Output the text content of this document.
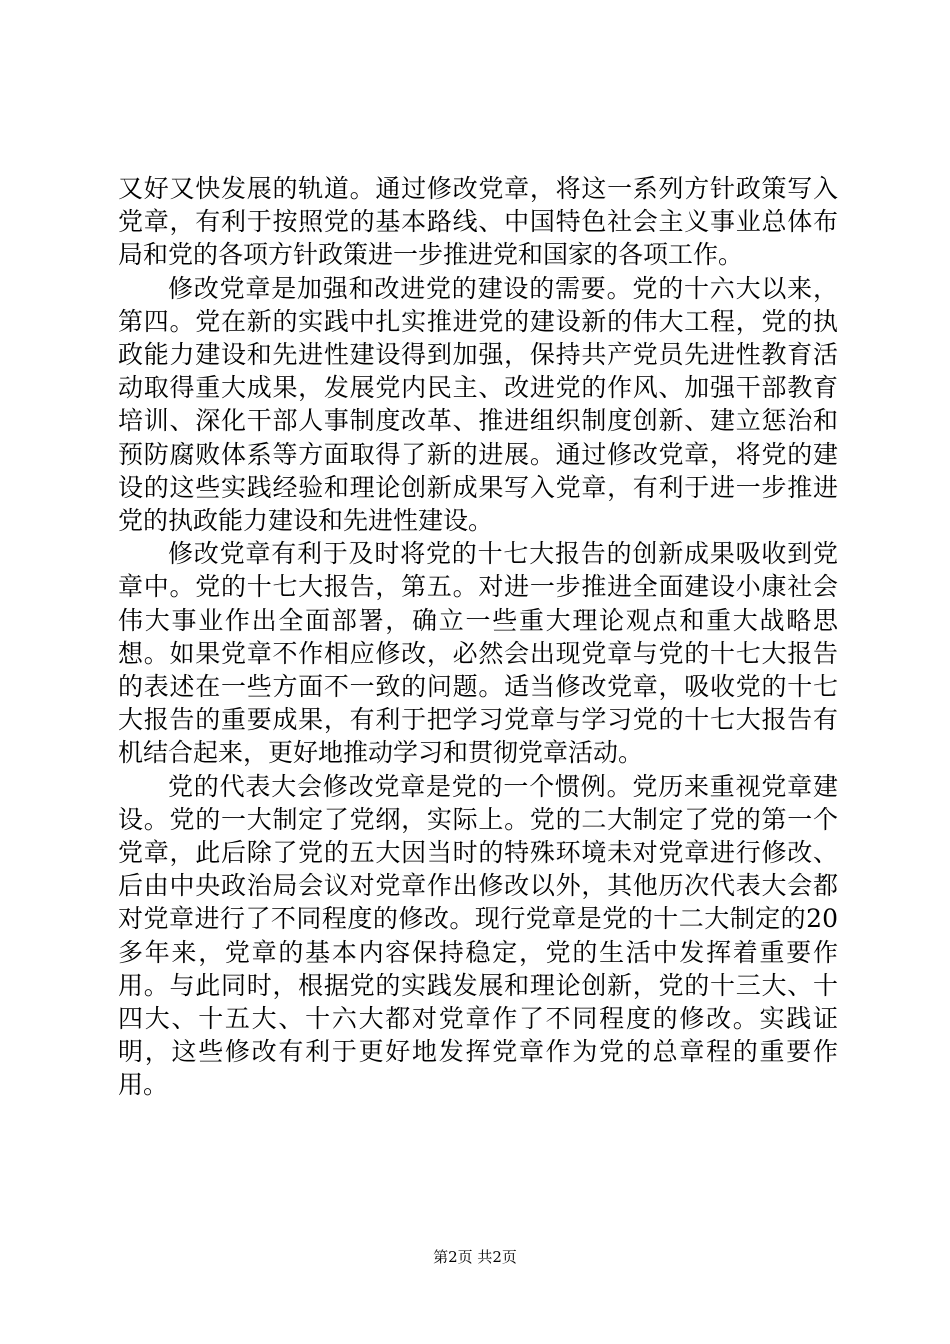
又好又快发展的轨道。通过修改党章，将这一系列方针政策写入党章，有利于按照党的基本路线、中国特色社会主义事业总体布局和党的各项方针政策进一步推进党和国家的各项工作。

修改党章是加强和改进党的建设的需要。党的十六大以来，第四。党在新的实践中扎实推进党的建设新的伟大工程，党的执政能力建设和先进性建设得到加强，保持共产党员先进性教育活动取得重大成果，发展党内民主、改进党的作风、加强干部教育培训、深化干部人事制度改革、推进组织制度创新、建立惩治和预防腐败体系等方面取得了新的进展。通过修改党章，将党的建设的这些实践经验和理论创新成果写入党章，有利于进一步推进党的执政能力建设和先进性建设。

修改党章有利于及时将党的十七大报告的创新成果吸收到党章中。党的十七大报告，第五。对进一步推进全面建设小康社会伟大事业作出全面部署，确立一些重大理论观点和重大战略思想。如果党章不作相应修改，必然会出现党章与党的十七大报告的表述在一些方面不一致的问题。适当修改党章，吸收党的十七大报告的重要成果，有利于把学习党章与学习党的十七大报告有机结合起来，更好地推动学习和贯彻党章活动。

党的代表大会修改党章是党的一个惯例。党历来重视党章建设。党的一大制定了党纲，实际上。党的二大制定了党的第一个党章，此后除了党的五大因当时的特殊环境未对党章进行修改、后由中央政治局会议对党章作出修改以外，其他历次代表大会都对党章进行了不同程度的修改。现行党章是党的十二大制定的20多年来，党章的基本内容保持稳定，党的生活中发挥着重要作用。与此同时，根据党的实践发展和理论创新，党的十三大、十四大、十五大、十六大都对党章作了不同程度的修改。实践证明，这些修改有利于更好地发挥党章作为党的总章程的重要作用。

第2页 共2页
